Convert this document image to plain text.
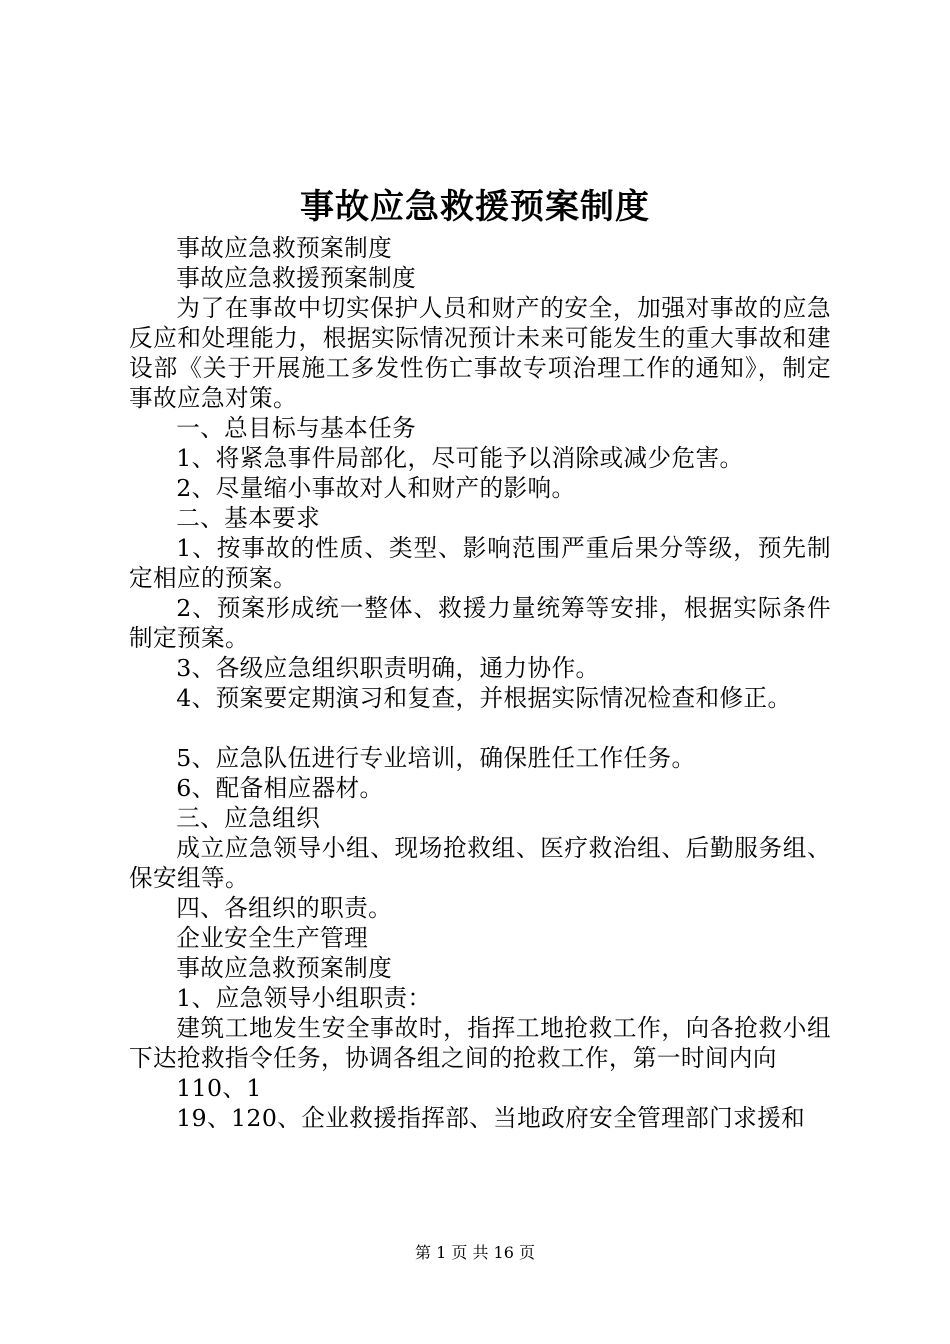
事故应急救援预案制度

事故应急救预案制度

事故应急救援预案制度

为了在事故中切实保护人员和财产的安全，加强对事故的应急反应和处理能力，根据实际情况预计未来可能发生的重大事故和建设部《关于开展施工多发性伤亡事故专项治理工作的通知》，制定事故应急对策。

一、总目标与基本任务

1、将紧急事件局部化，尽可能予以消除或减少危害。

2、尽量缩小事故对人和财产的影响。

二、基本要求

1、按事故的性质、类型、影响范围严重后果分等级，预先制定相应的预案。

2、预案形成统一整体、救援力量统筹等安排，根据实际条件制定预案。

3、各级应急组织职责明确，通力协作。

4、预案要定期演习和复查，并根据实际情况检查和修正。

5、应急队伍进行专业培训，确保胜任工作任务。

6、配备相应器材。

三、应急组织

成立应急领导小组、现场抢救组、医疗救治组、后勤服务组、保安组等。

四、各组织的职责。

企业安全生产管理

事故应急救预案制度

1、应急领导小组职责：

建筑工地发生安全事故时，指挥工地抢救工作，向各抢救小组下达抢救指令任务，协调各组之间的抢救工作，第一时间内向

110、1

19、120、企业救援指挥部、当地政府安全管理部门求援和

第 1 页 共 16 页
